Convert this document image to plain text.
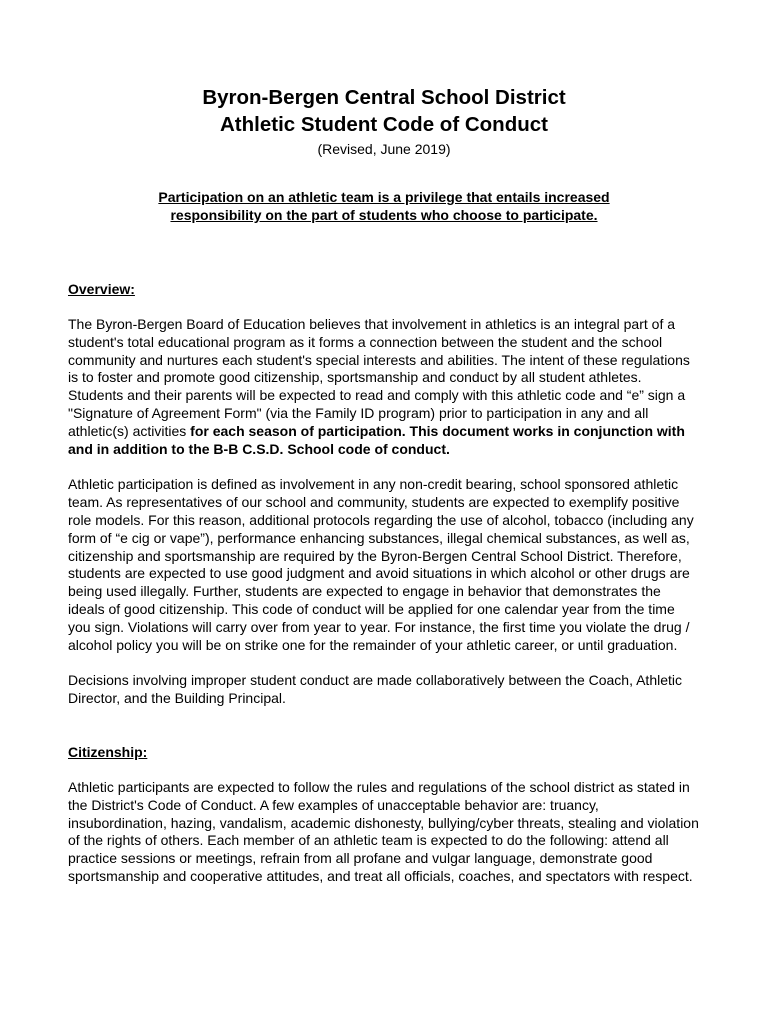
Byron-Bergen Central School District
Athletic Student Code of Conduct

(Revised, June 2019)

Participation on an athletic team is a privilege that entails increased
responsibility on the part of students who choose to participate.

Overview:

The Byron-Bergen Board of Education believes that involvement in athletics is an integral part of a student's total educational program as it forms a connection between the student and the school community and nurtures each student's special interests and abilities. The intent of these regulations is to foster and promote good citizenship, sportsmanship and conduct by all student athletes. Students and their parents will be expected to read and comply with this athletic code and “e” sign a "Signature of Agreement Form" (via the Family ID program) prior to participation in any and all athletic(s) activities for each season of participation. This document works in conjunction with and in addition to the B-B C.S.D. School code of conduct.

Athletic participation is defined as involvement in any non-credit bearing, school sponsored athletic team. As representatives of our school and community, students are expected to exemplify positive role models. For this reason, additional protocols regarding the use of alcohol, tobacco (including any form of “e cig or vape”), performance enhancing substances, illegal chemical substances, as well as, citizenship and sportsmanship are required by the Byron-Bergen Central School District. Therefore, students are expected to use good judgment and avoid situations in which alcohol or other drugs are being used illegally. Further, students are expected to engage in behavior that demonstrates the ideals of good citizenship. This code of conduct will be applied for one calendar year from the time you sign. Violations will carry over from year to year. For instance, the first time you violate the drug / alcohol policy you will be on strike one for the remainder of your athletic career, or until graduation.

Decisions involving improper student conduct are made collaboratively between the Coach, Athletic Director, and the Building Principal.

Citizenship:

Athletic participants are expected to follow the rules and regulations of the school district as stated in the District's Code of Conduct. A few examples of unacceptable behavior are: truancy, insubordination, hazing, vandalism, academic dishonesty, bullying/cyber threats, stealing and violation of the rights of others. Each member of an athletic team is expected to do the following: attend all practice sessions or meetings, refrain from all profane and vulgar language, demonstrate good sportsmanship and cooperative attitudes, and treat all officials, coaches, and spectators with respect.
